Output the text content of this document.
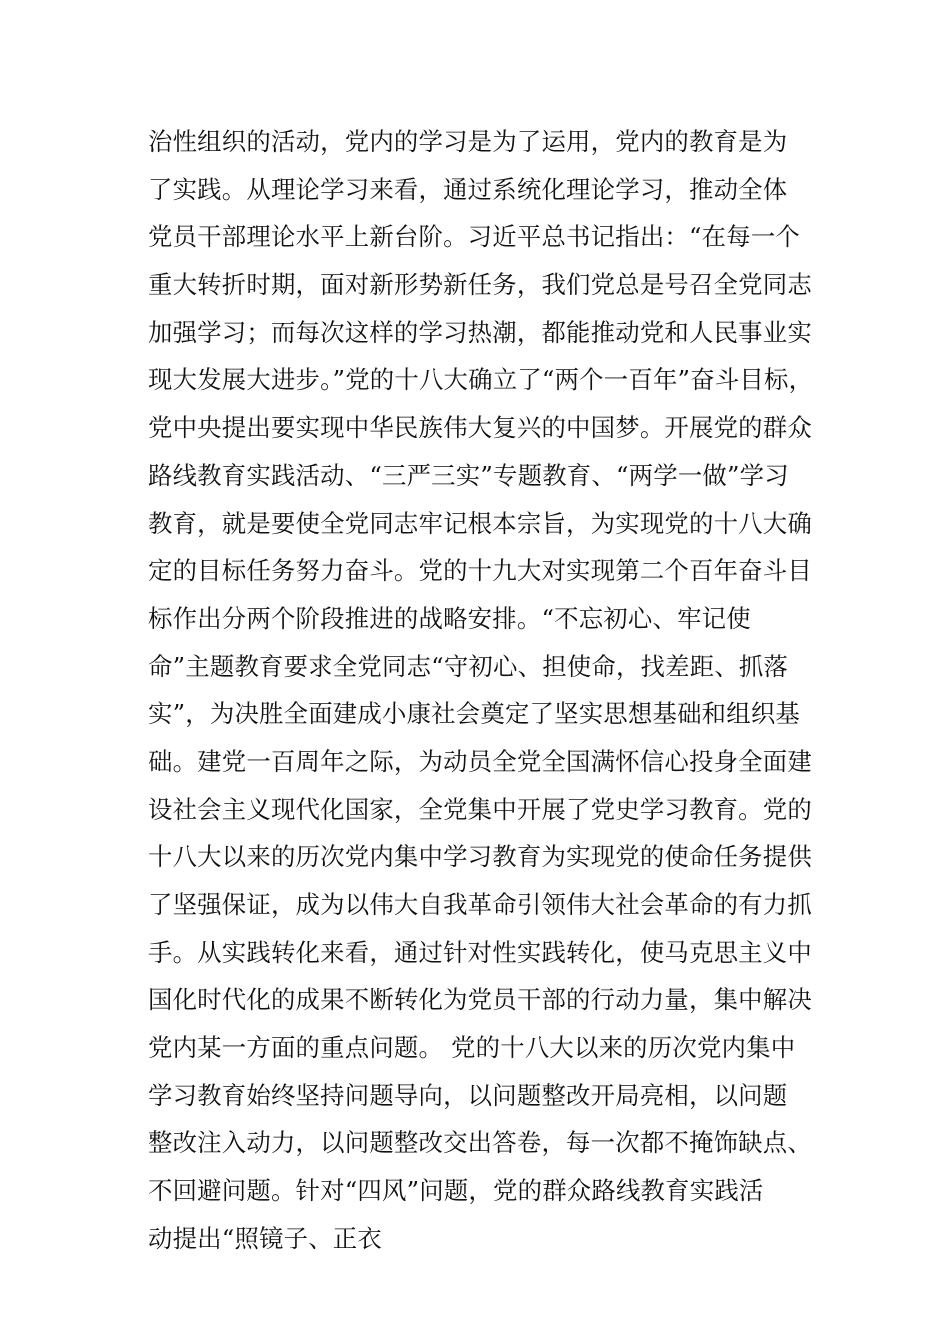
治性组织的活动，党内的学习是为了运用，党内的教育是为
了实践。从理论学习来看，通过系统化理论学习，推动全体
党员干部理论水平上新台阶。习近平总书记指出：“在每一个
重大转折时期，面对新形势新任务，我们党总是号召全党同志
加强学习；而每次这样的学习热潮，都能推动党和人民事业实
现大发展大进步。”党的十八大确立了“两个一百年”奋斗目标，
党中央提出要实现中华民族伟大复兴的中国梦。开展党的群众
路线教育实践活动、“三严三实”专题教育、“两学一做”学习
教育，就是要使全党同志牢记根本宗旨，为实现党的十八大确
定的目标任务努力奋斗。党的十九大对实现第二个百年奋斗目
标作出分两个阶段推进的战略安排。“不忘初心、牢记使
命”主题教育要求全党同志“守初心、担使命，找差距、抓落
实”，为决胜全面建成小康社会奠定了坚实思想基础和组织基
础。建党一百周年之际，为动员全党全国满怀信心投身全面建
设社会主义现代化国家，全党集中开展了党史学习教育。党的
十八大以来的历次党内集中学习教育为实现党的使命任务提供
了坚强保证，成为以伟大自我革命引领伟大社会革命的有力抓
手。从实践转化来看，通过针对性实践转化，使马克思主义中
国化时代化的成果不断转化为党员干部的行动力量，集中解决
党内某一方面的重点问题。 党的十八大以来的历次党内集中
学习教育始终坚持问题导向，以问题整改开局亮相，以问题
整改注入动力，以问题整改交出答卷，每一次都不掩饰缺点、
不回避问题。针对“四风”问题，党的群众路线教育实践活
动提出“照镜子、正衣
